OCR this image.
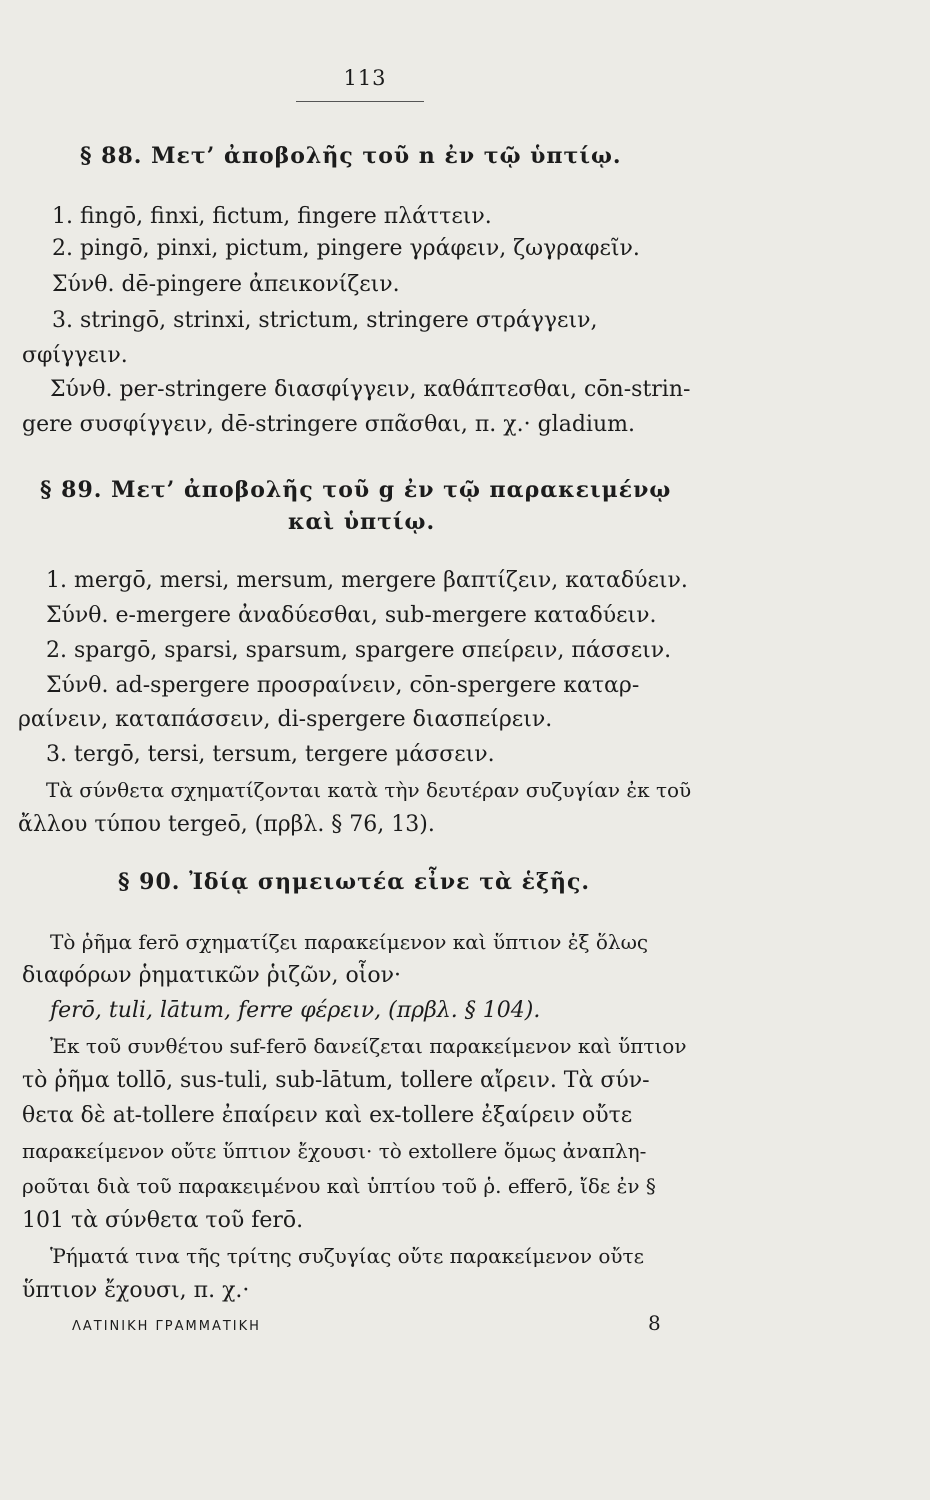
113
§ 88. Μετ’ ἀποβολῆς τοῦ n ἐν τῷ ὑπτίῳ.
1. fingō, finxi, fictum, fingere πλάττειν.
2. pingō, pinxi, pictum, pingere γράφειν, ζωγραφεῖν.
Σύνθ. dē-pingere ἀπεικονίζειν.
3. stringō, strinxi, strictum, stringere στράγγειν,
σφίγγειν.
Σύνθ. per-stringere διασφίγγειν, καθάπτεσθαι, cōn-strin-
gere συσφίγγειν, dē-stringere σπᾶσθαι, π. χ.· gladium.
§ 89. Μετ’ ἀποβολῆς τοῦ g ἐν τῷ παρακειμένῳ
καὶ ὑπτίῳ.
1. mergō, mersi, mersum, mergere βαπτίζειν, καταδύειν.
Σύνθ. e-mergere ἀναδύεσθαι, sub-mergere καταδύειν.
2. spargō, sparsi, sparsum, spargere σπείρειν, πάσσειν.
Σύνθ. ad-spergere προσραίνειν, cōn-spergere καταρ-
ραίνειν, καταπάσσειν, di-spergere διασπείρειν.
3. tergō, tersi, tersum, tergere μάσσειν.
Τὰ σύνθετα σχηματίζονται κατὰ τὴν δευτέραν συζυγίαν ἐκ τοῦ
ἄλλου τύπου tergeō, (πρβλ. § 76, 13).
§ 90. Ἰδίᾳ σημειωτέα εἶνε τὰ ἑξῆς.
Τὸ ῥῆμα ferō σχηματίζει παρακείμενον καὶ ὕπτιον ἐξ ὅλως
διαφόρων ῥηματικῶν ῥιζῶν, οἷον·
ferō, tuli, lātum, ferre φέρειν, (πρβλ. § 104).
Ἐκ τοῦ συνθέτου suf-ferō δανείζεται παρακείμενον καὶ ὕπτιον
τὸ ῥῆμα tollō, sus-tuli, sub-lātum, tollere αἴρειν. Τὰ σύν-
θετα δὲ at-tollere ἐπαίρειν καὶ ex-tollere ἐξαίρειν οὔτε
παρακείμενον οὔτε ὕπτιον ἔχουσι· τὸ extollere ὅμως ἀναπλη-
ροῦται διὰ τοῦ παρακειμένου καὶ ὑπτίου τοῦ ῥ. efferō, ἴδε ἐν §
101 τὰ σύνθετα τοῦ ferō.
Ῥήματά τινα τῆς τρίτης συζυγίας οὔτε παρακείμενον οὔτε
ὕπτιον ἔχουσι, π. χ.·
ΛΑΤΙΝΙΚΗ ΓΡΑΜΜΑΤΙΚΗ	8
